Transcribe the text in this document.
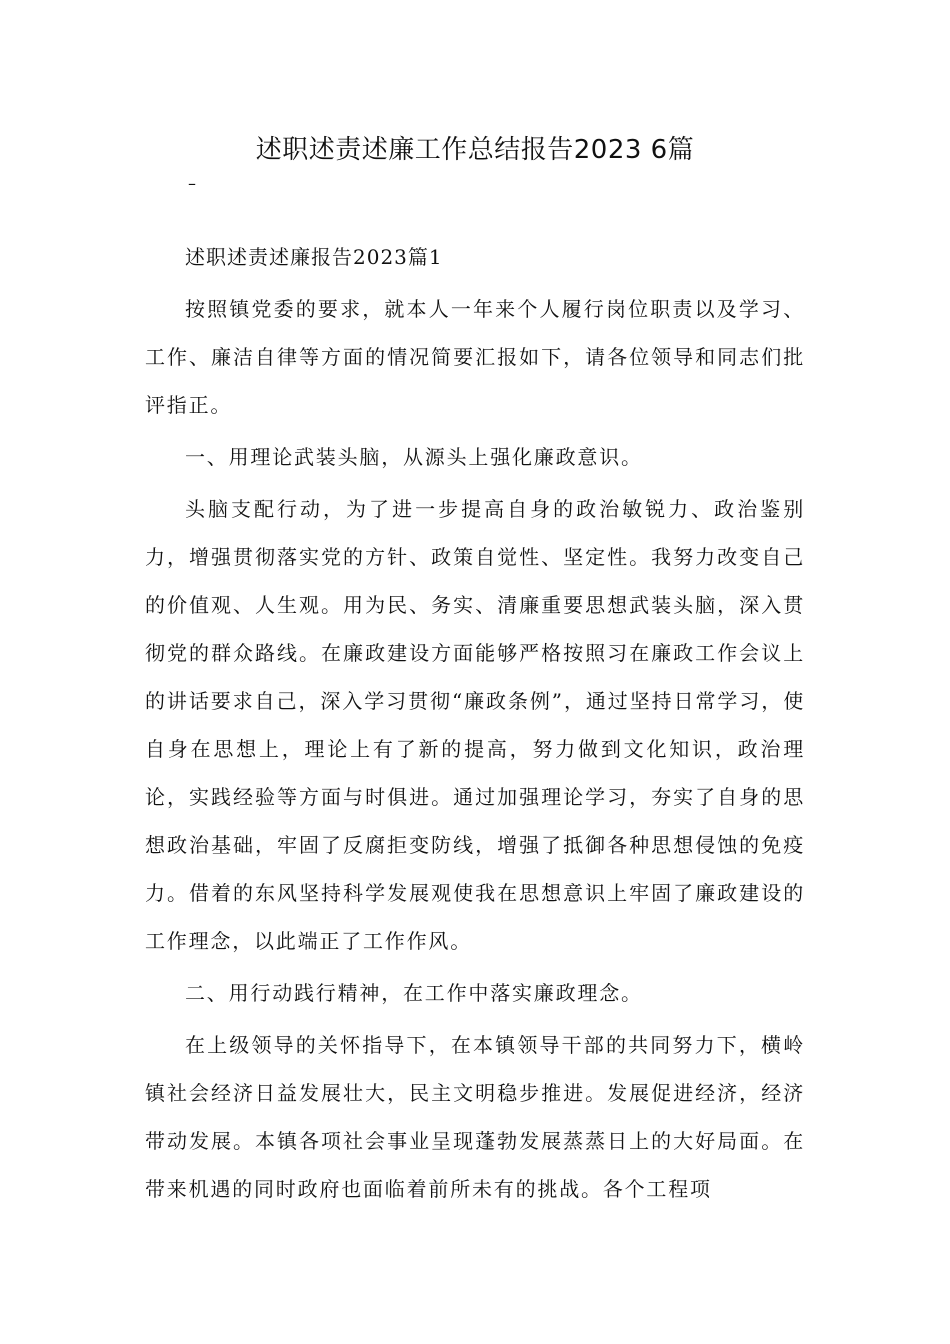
述职述责述廉工作总结报告2023 6篇
–

述职述责述廉报告2023篇1

按照镇党委的要求，就本人一年来个人履行岗位职责以及学习、工作、廉洁自律等方面的情况简要汇报如下，请各位领导和同志们批评指正。

一、用理论武装头脑，从源头上强化廉政意识。

头脑支配行动，为了进一步提高自身的政治敏锐力、政治鉴别力，增强贯彻落实党的方针、政策自觉性、坚定性。我努力改变自己的价值观、人生观。用为民、务实、清廉重要思想武装头脑，深入贯彻党的群众路线。在廉政建设方面能够严格按照习在廉政工作会议上的讲话要求自己，深入学习贯彻“廉政条例”，通过坚持日常学习，使自身在思想上，理论上有了新的提高，努力做到文化知识，政治理论，实践经验等方面与时俱进。通过加强理论学习，夯实了自身的思想政治基础，牢固了反腐拒变防线，增强了抵御各种思想侵蚀的免疫力。借着的东风坚持科学发展观使我在思想意识上牢固了廉政建设的工作理念，以此端正了工作作风。

二、用行动践行精神，在工作中落实廉政理念。

在上级领导的关怀指导下，在本镇领导干部的共同努力下，横岭镇社会经济日益发展壮大，民主文明稳步推进。发展促进经济，经济带动发展。本镇各项社会事业呈现蓬勃发展蒸蒸日上的大好局面。在带来机遇的同时政府也面临着前所未有的挑战。各个工程项
